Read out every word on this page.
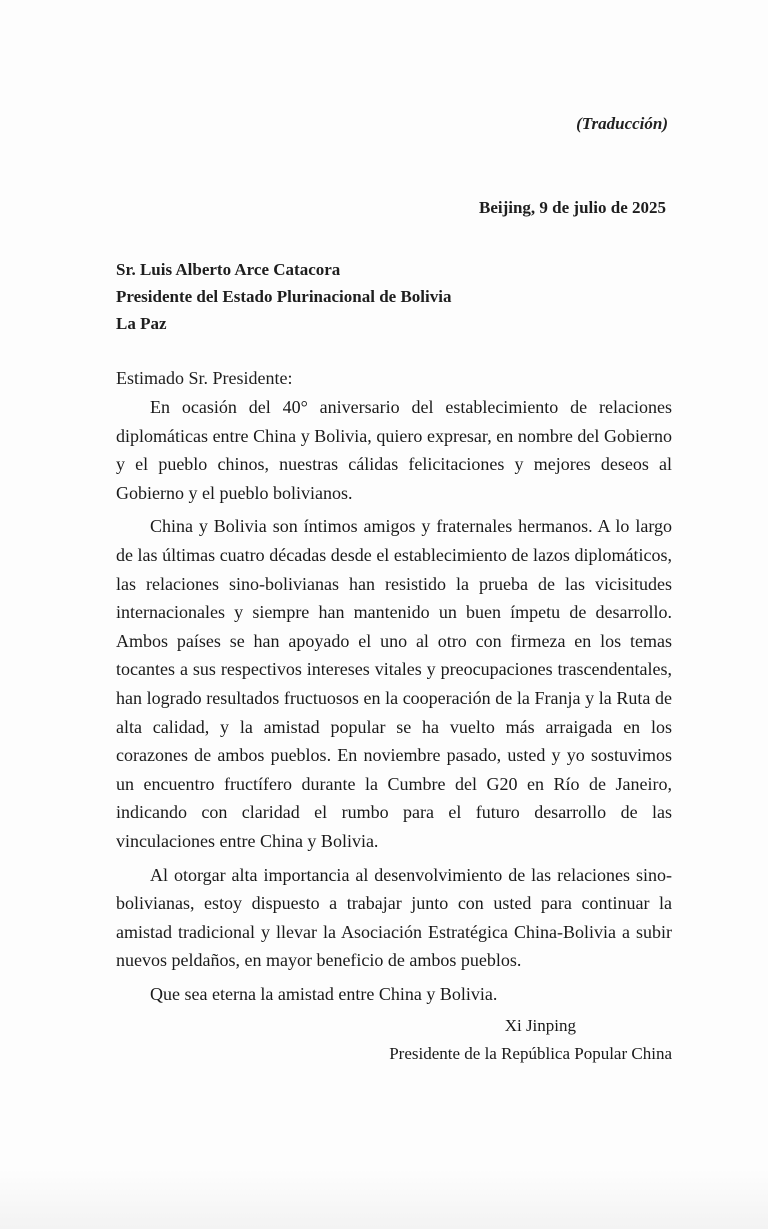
(Traducción)
Beijing, 9 de julio de 2025
Sr. Luis Alberto Arce Catacora
Presidente del Estado Plurinacional de Bolivia
La Paz
Estimado Sr. Presidente:

En ocasión del 40° aniversario del establecimiento de relaciones diplomáticas entre China y Bolivia, quiero expresar, en nombre del Gobierno y el pueblo chinos, nuestras cálidas felicitaciones y mejores deseos al Gobierno y el pueblo bolivianos.

China y Bolivia son íntimos amigos y fraternales hermanos. A lo largo de las últimas cuatro décadas desde el establecimiento de lazos diplomáticos, las relaciones sino-bolivianas han resistido la prueba de las vicisitudes internacionales y siempre han mantenido un buen ímpetu de desarrollo. Ambos países se han apoyado el uno al otro con firmeza en los temas tocantes a sus respectivos intereses vitales y preocupaciones trascendentales, han logrado resultados fructuosos en la cooperación de la Franja y la Ruta de alta calidad, y la amistad popular se ha vuelto más arraigada en los corazones de ambos pueblos. En noviembre pasado, usted y yo sostuvimos un encuentro fructífero durante la Cumbre del G20 en Río de Janeiro, indicando con claridad el rumbo para el futuro desarrollo de las vinculaciones entre China y Bolivia.

Al otorgar alta importancia al desenvolvimiento de las relaciones sino-bolivianas, estoy dispuesto a trabajar junto con usted para continuar la amistad tradicional y llevar la Asociación Estratégica China-Bolivia a subir nuevos peldaños, en mayor beneficio de ambos pueblos.

Que sea eterna la amistad entre China y Bolivia.
Xi Jinping
Presidente de la República Popular China
